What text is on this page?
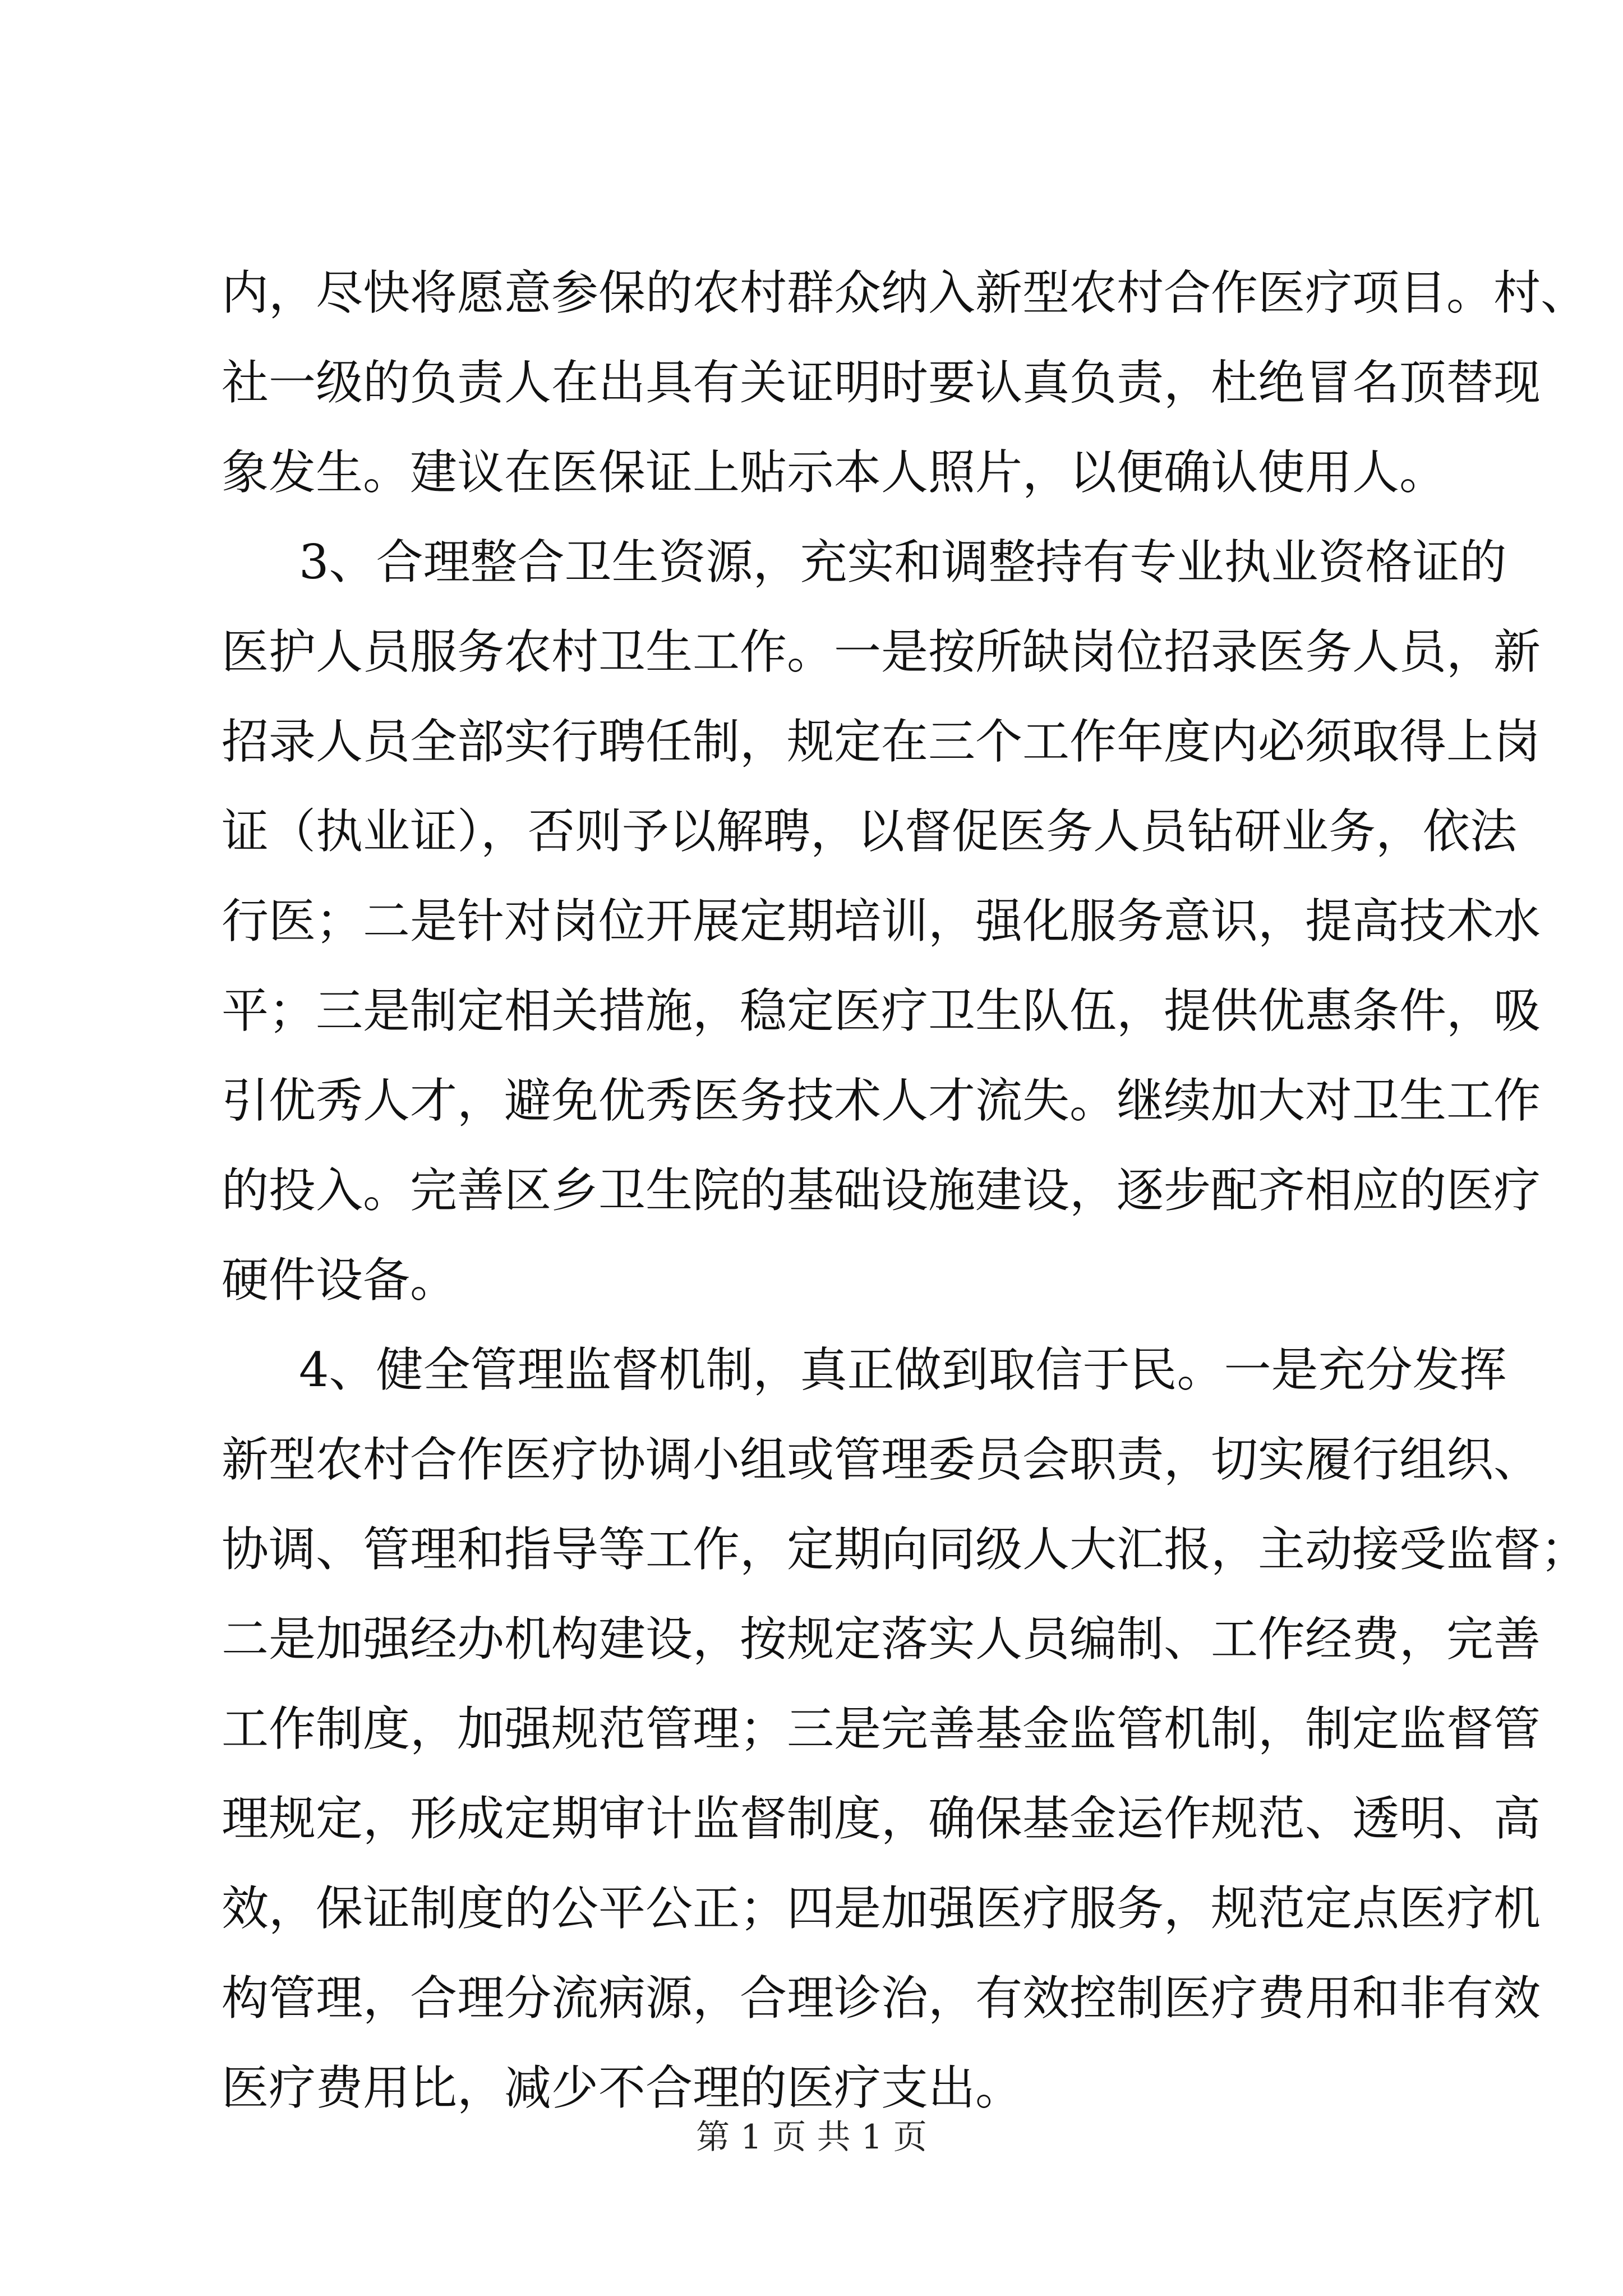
内，尽快将愿意参保的农村群众纳入新型农村合作医疗项目。村、
社一级的负责人在出具有关证明时要认真负责，杜绝冒名顶替现
象发生。建议在医保证上贴示本人照片，以便确认使用人。
3、合理整合卫生资源，充实和调整持有专业执业资格证的
医护人员服务农村卫生工作。一是按所缺岗位招录医务人员，新
招录人员全部实行聘任制，规定在三个工作年度内必须取得上岗
证（执业证），否则予以解聘，以督促医务人员钻研业务，依法
行医；二是针对岗位开展定期培训，强化服务意识，提高技术水
平；三是制定相关措施，稳定医疗卫生队伍，提供优惠条件，吸
引优秀人才，避免优秀医务技术人才流失。继续加大对卫生工作
的投入。完善区乡卫生院的基础设施建设，逐步配齐相应的医疗
硬件设备。
4、健全管理监督机制，真正做到取信于民。一是充分发挥
新型农村合作医疗协调小组或管理委员会职责，切实履行组织、
协调、管理和指导等工作，定期向同级人大汇报，主动接受监督；
二是加强经办机构建设，按规定落实人员编制、工作经费，完善
工作制度，加强规范管理；三是完善基金监管机制，制定监督管
理规定，形成定期审计监督制度，确保基金运作规范、透明、高
效，保证制度的公平公正；四是加强医疗服务，规范定点医疗机
构管理，合理分流病源，合理诊治，有效控制医疗费用和非有效
医疗费用比，减少不合理的医疗支出。
第 1 页 共 1 页
